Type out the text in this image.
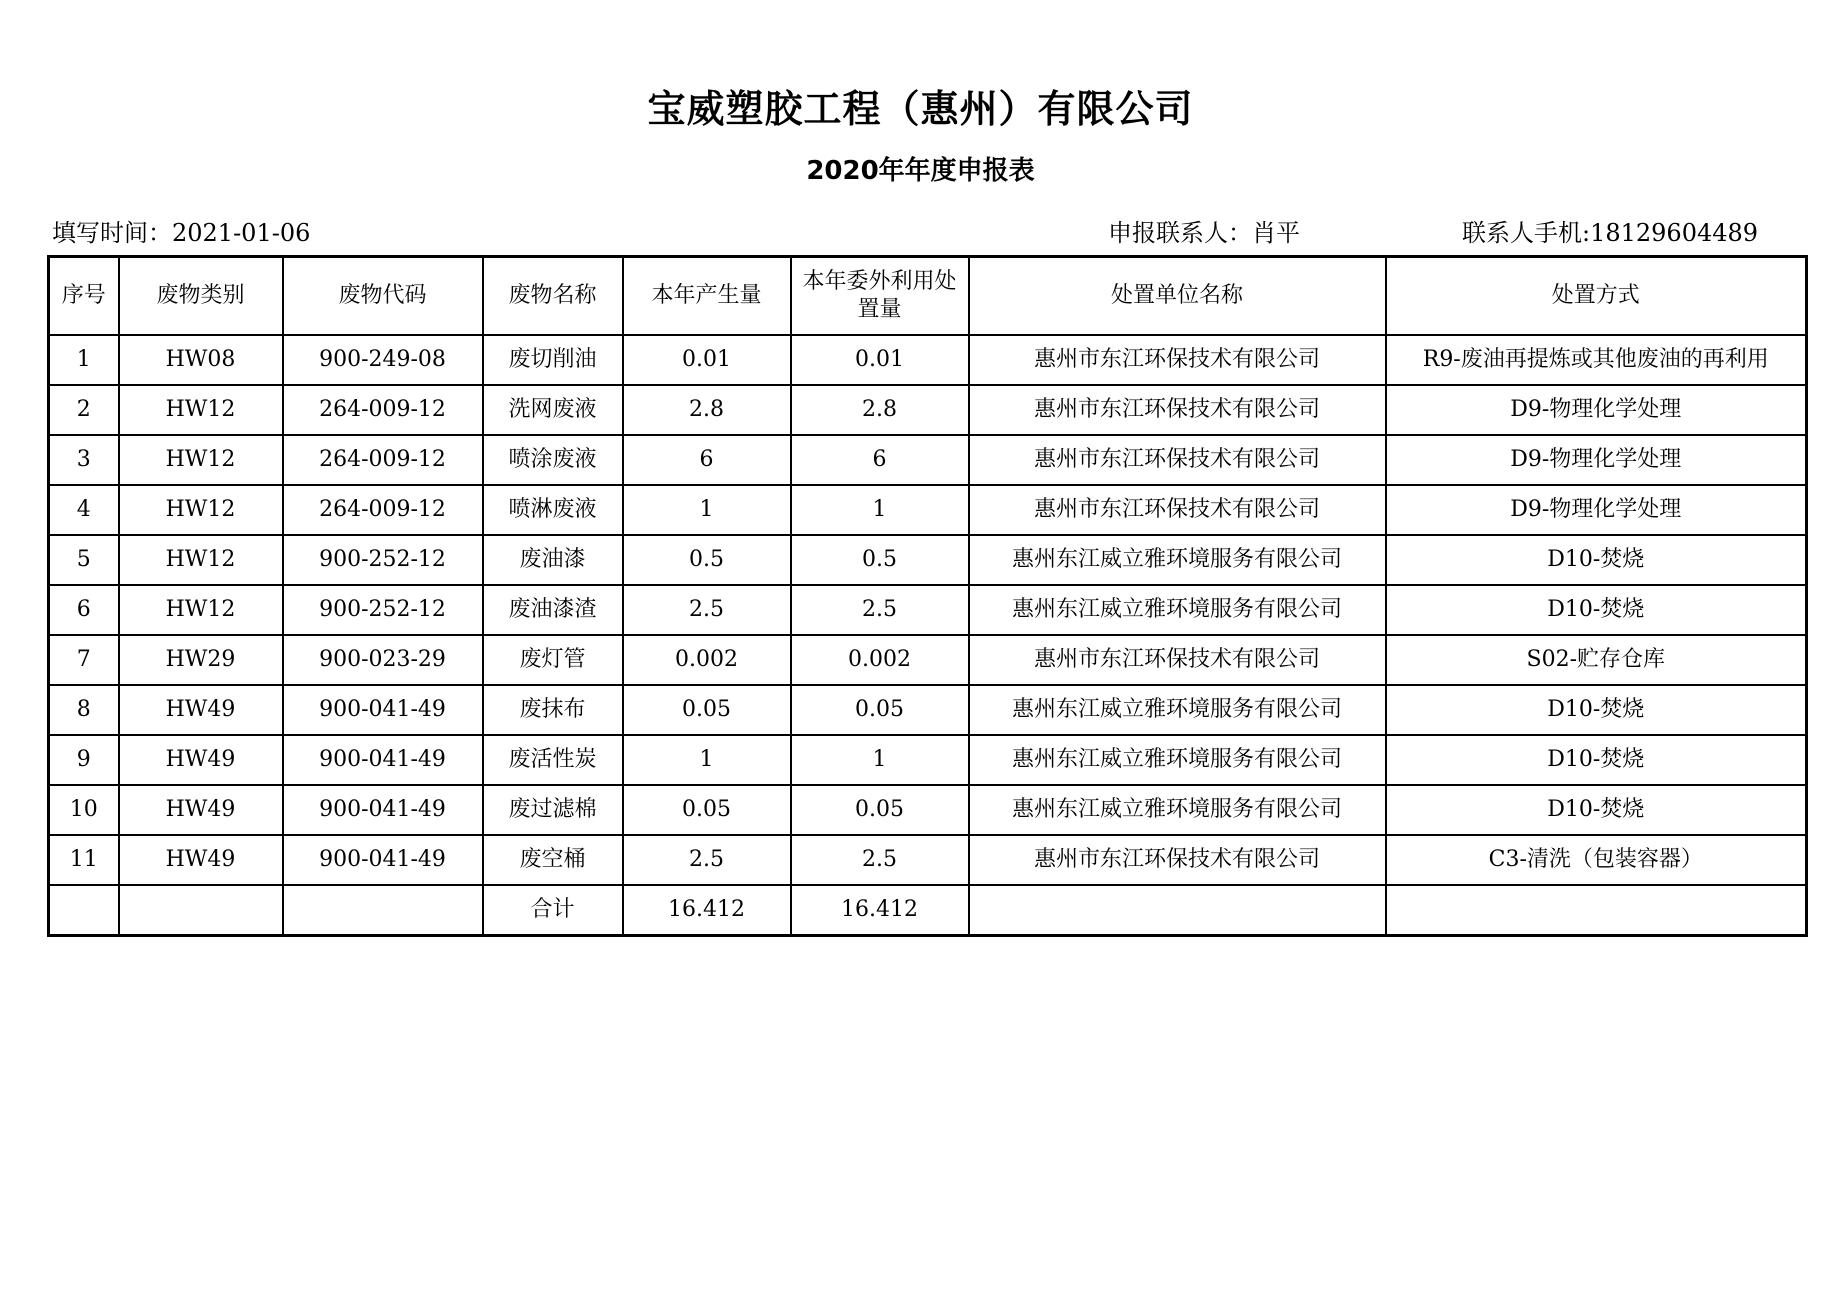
宝威塑胶工程（惠州）有限公司
2020年年度申报表
填写时间：2021-01-06	申报联系人：肖平	联系人手机:18129604489
序号	废物类别	废物代码	废物名称	本年产生量	本年委外利用处置量	处置单位名称	处置方式
1	HW08	900-249-08	废切削油	0.01	0.01	惠州市东江环保技术有限公司	R9-废油再提炼或其他废油的再利用
2	HW12	264-009-12	洗网废液	2.8	2.8	惠州市东江环保技术有限公司	D9-物理化学处理
3	HW12	264-009-12	喷涂废液	6	6	惠州市东江环保技术有限公司	D9-物理化学处理
4	HW12	264-009-12	喷淋废液	1	1	惠州市东江环保技术有限公司	D9-物理化学处理
5	HW12	900-252-12	废油漆	0.5	0.5	惠州东江威立雅环境服务有限公司	D10-焚烧
6	HW12	900-252-12	废油漆渣	2.5	2.5	惠州东江威立雅环境服务有限公司	D10-焚烧
7	HW29	900-023-29	废灯管	0.002	0.002	惠州市东江环保技术有限公司	S02-贮存仓库
8	HW49	900-041-49	废抹布	0.05	0.05	惠州东江威立雅环境服务有限公司	D10-焚烧
9	HW49	900-041-49	废活性炭	1	1	惠州东江威立雅环境服务有限公司	D10-焚烧
10	HW49	900-041-49	废过滤棉	0.05	0.05	惠州东江威立雅环境服务有限公司	D10-焚烧
11	HW49	900-041-49	废空桶	2.5	2.5	惠州市东江环保技术有限公司	C3-清洗（包装容器）
			合计	16.412	16.412		
